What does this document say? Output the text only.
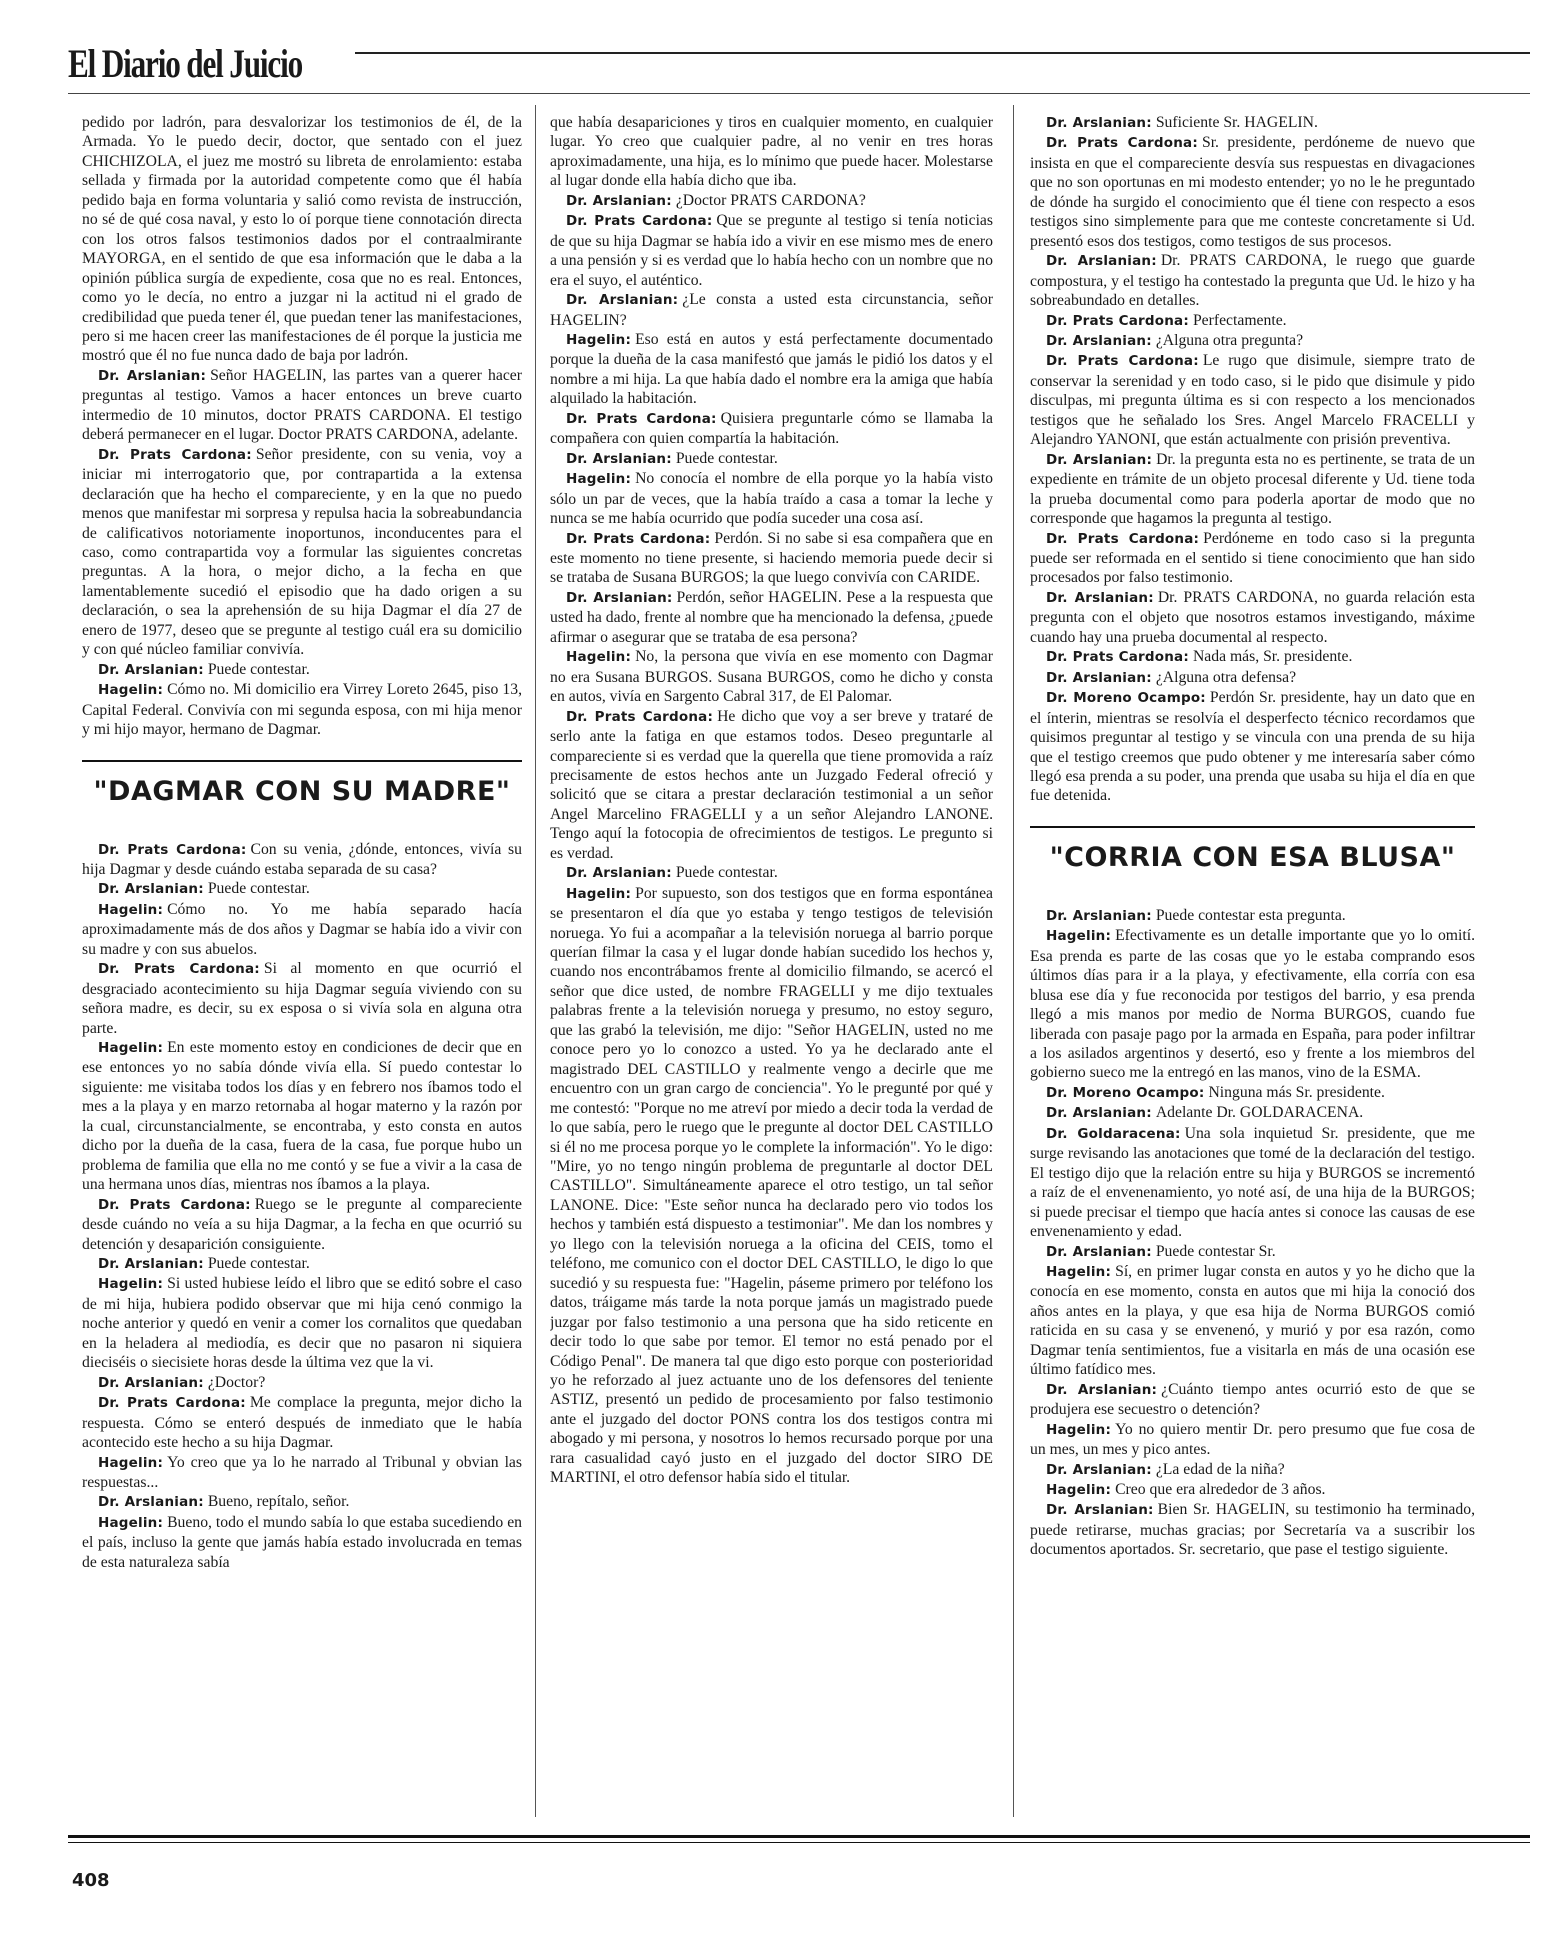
El Diario del Juicio

pedido por ladrón, para desvalorizar los testimonios de él, de la Armada. Yo le puedo decir, doctor, que sentado con el juez CHICHIZOLA, el juez me mostró su libreta de enrolamiento: estaba sellada y firmada por la autoridad competente como que él había pedido baja en forma voluntaria y salió como revista de instrucción, no sé de qué cosa naval, y esto lo oí porque tiene connotación directa con los otros falsos testimonios dados por el contraalmirante MAYORGA, en el sentido de que esa información que le daba a la opinión pública surgía de expediente, cosa que no es real. Entonces, como yo le decía, no entro a juzgar ni la actitud ni el grado de credibilidad que pueda tener él, que puedan tener las manifestaciones, pero si me hacen creer las manifestaciones de él porque la justicia me mostró que él no fue nunca dado de baja por ladrón.

Dr. Arslanian: Señor HAGELIN, las partes van a querer hacer preguntas al testigo. Vamos a hacer entonces un breve cuarto intermedio de 10 minutos, doctor PRATS CARDONA. El testigo deberá permanecer en el lugar. Doctor PRATS CARDONA, adelante.

Dr. Prats Cardona: Señor presidente, con su venia, voy a iniciar mi interrogatorio que, por contrapartida a la extensa declaración que ha hecho el compareciente, y en la que no puedo menos que manifestar mi sorpresa y repulsa hacia la sobreabundancia de calificativos notoriamente inoportunos, inconducentes para el caso, como contrapartida voy a formular las siguientes concretas preguntas. A la hora, o mejor dicho, a la fecha en que lamentablemente sucedió el episodio que ha dado origen a su declaración, o sea la aprehensión de su hija Dagmar el día 27 de enero de 1977, deseo que se pregunte al testigo cuál era su domicilio y con qué núcleo familiar convivía.

Dr. Arslanian: Puede contestar.

Hagelin: Cómo no. Mi domicilio era Virrey Loreto 2645, piso 13, Capital Federal. Convivía con mi segunda esposa, con mi hija menor y mi hijo mayor, hermano de Dagmar.

"DAGMAR CON SU MADRE"

Dr. Prats Cardona: Con su venia, ¿dónde, entonces, vivía su hija Dagmar y desde cuándo estaba separada de su casa?

Dr. Arslanian: Puede contestar.

Hagelin: Cómo no. Yo me había separado hacía aproximadamente más de dos años y Dagmar se había ido a vivir con su madre y con sus abuelos.

Dr. Prats Cardona: Si al momento en que ocurrió el desgraciado acontecimiento su hija Dagmar seguía viviendo con su señora madre, es decir, su ex esposa o si vivía sola en alguna otra parte.

Hagelin: En este momento estoy en condiciones de decir que en ese entonces yo no sabía dónde vivía ella. Sí puedo contestar lo siguiente: me visitaba todos los días y en febrero nos íbamos todo el mes a la playa y en marzo retornaba al hogar materno y la razón por la cual, circunstancialmente, se encontraba, y esto consta en autos dicho por la dueña de la casa, fuera de la casa, fue porque hubo un problema de familia que ella no me contó y se fue a vivir a la casa de una hermana unos días, mientras nos íbamos a la playa.

Dr. Prats Cardona: Ruego se le pregunte al compareciente desde cuándo no veía a su hija Dagmar, a la fecha en que ocurrió su detención y desaparición consiguiente.

Dr. Arslanian: Puede contestar.

Hagelin: Si usted hubiese leído el libro que se editó sobre el caso de mi hija, hubiera podido observar que mi hija cenó conmigo la noche anterior y quedó en venir a comer los cornalitos que quedaban en la heladera al mediodía, es decir que no pasaron ni siquiera dieciséis o siecisiete horas desde la última vez que la vi.

Dr. Arslanian: ¿Doctor?

Dr. Prats Cardona: Me complace la pregunta, mejor dicho la respuesta. Cómo se enteró después de inmediato que le había acontecido este hecho a su hija Dagmar.

Hagelin: Yo creo que ya lo he narrado al Tribunal y obvian las respuestas...

Dr. Arslanian: Bueno, repítalo, señor.

Hagelin: Bueno, todo el mundo sabía lo que estaba sucediendo en el país, incluso la gente que jamás había estado involucrada en temas de esta naturaleza sabía

que había desapariciones y tiros en cualquier momento, en cualquier lugar. Yo creo que cualquier padre, al no venir en tres horas aproximadamente, una hija, es lo mínimo que puede hacer. Molestarse al lugar donde ella había dicho que iba.

Dr. Arslanian: ¿Doctor PRATS CARDONA?

Dr. Prats Cardona: Que se pregunte al testigo si tenía noticias de que su hija Dagmar se había ido a vivir en ese mismo mes de enero a una pensión y si es verdad que lo había hecho con un nombre que no era el suyo, el auténtico.

Dr. Arslanian: ¿Le consta a usted esta circunstancia, señor HAGELIN?

Hagelin: Eso está en autos y está perfectamente documentado porque la dueña de la casa manifestó que jamás le pidió los datos y el nombre a mi hija. La que había dado el nombre era la amiga que había alquilado la habitación.

Dr. Prats Cardona: Quisiera preguntarle cómo se llamaba la compañera con quien compartía la habitación.

Dr. Arslanian: Puede contestar.

Hagelin: No conocía el nombre de ella porque yo la había visto sólo un par de veces, que la había traído a casa a tomar la leche y nunca se me había ocurrido que podía suceder una cosa así.

Dr. Prats Cardona: Perdón. Si no sabe si esa compañera que en este momento no tiene presente, si haciendo memoria puede decir si se trataba de Susana BURGOS; la que luego convivía con CARIDE.

Dr. Arslanian: Perdón, señor HAGELIN. Pese a la respuesta que usted ha dado, frente al nombre que ha mencionado la defensa, ¿puede afirmar o asegurar que se trataba de esa persona?

Hagelin: No, la persona que vivía en ese momento con Dagmar no era Susana BURGOS. Susana BURGOS, como he dicho y consta en autos, vivía en Sargento Cabral 317, de El Palomar.

Dr. Prats Cardona: He dicho que voy a ser breve y trataré de serlo ante la fatiga en que estamos todos. Deseo preguntarle al compareciente si es verdad que la querella que tiene promovida a raíz precisamente de estos hechos ante un Juzgado Federal ofreció y solicitó que se citara a prestar declaración testimonial a un señor Angel Marcelino FRAGELLI y a un señor Alejandro LANONE. Tengo aquí la fotocopia de ofrecimientos de testigos. Le pregunto si es verdad.

Dr. Arslanian: Puede contestar.

Hagelin: Por supuesto, son dos testigos que en forma espontánea se presentaron el día que yo estaba y tengo testigos de televisión noruega. Yo fui a acompañar a la televisión noruega al barrio porque querían filmar la casa y el lugar donde habían sucedido los hechos y, cuando nos encontrábamos frente al domicilio filmando, se acercó el señor que dice usted, de nombre FRAGELLI y me dijo textuales palabras frente a la televisión noruega y presumo, no estoy seguro, que las grabó la televisión, me dijo: "Señor HAGELIN, usted no me conoce pero yo lo conozco a usted. Yo ya he declarado ante el magistrado DEL CASTILLO y realmente vengo a decirle que me encuentro con un gran cargo de conciencia". Yo le pregunté por qué y me contestó: "Porque no me atreví por miedo a decir toda la verdad de lo que sabía, pero le ruego que le pregunte al doctor DEL CASTILLO si él no me procesa porque yo le complete la información". Yo le digo: "Mire, yo no tengo ningún problema de preguntarle al doctor DEL CASTILLO". Simultáneamente aparece el otro testigo, un tal señor LANONE. Dice: "Este señor nunca ha declarado pero vio todos los hechos y también está dispuesto a testimoniar". Me dan los nombres y yo llego con la televisión noruega a la oficina del CEIS, tomo el teléfono, me comunico con el doctor DEL CASTILLO, le digo lo que sucedió y su respuesta fue: "Hagelin, páseme primero por teléfono los datos, tráigame más tarde la nota porque jamás un magistrado puede juzgar por falso testimonio a una persona que ha sido reticente en decir todo lo que sabe por temor. El temor no está penado por el Código Penal". De manera tal que digo esto porque con posterioridad yo he reforzado al juez actuante uno de los defensores del teniente ASTIZ, presentó un pedido de procesamiento por falso testimonio ante el juzgado del doctor PONS contra los dos testigos contra mi abogado y mi persona, y nosotros lo hemos recursado porque por una rara casualidad cayó justo en el juzgado del doctor SIRO DE MARTINI, el otro defensor había sido el titular.

Dr. Arslanian: Suficiente Sr. HAGELIN.

Dr. Prats Cardona: Sr. presidente, perdóneme de nuevo que insista en que el compareciente desvía sus respuestas en divagaciones que no son oportunas en mi modesto entender; yo no le he preguntado de dónde ha surgido el conocimiento que él tiene con respecto a esos testigos sino simplemente para que me conteste concretamente si Ud. presentó esos dos testigos, como testigos de sus procesos.

Dr. Arslanian: Dr. PRATS CARDONA, le ruego que guarde compostura, y el testigo ha contestado la pregunta que Ud. le hizo y ha sobreabundado en detalles.

Dr. Prats Cardona: Perfectamente.

Dr. Arslanian: ¿Alguna otra pregunta?

Dr. Prats Cardona: Le rugo que disimule, siempre trato de conservar la serenidad y en todo caso, si le pido que disimule y pido disculpas, mi pregunta última es si con respecto a los mencionados testigos que he señalado los Sres. Angel Marcelo FRACELLI y Alejandro YANONI, que están actualmente con prisión preventiva.

Dr. Arslanian: Dr. la pregunta esta no es pertinente, se trata de un expediente en trámite de un objeto procesal diferente y Ud. tiene toda la prueba documental como para poderla aportar de modo que no corresponde que hagamos la pregunta al testigo.

Dr. Prats Cardona: Perdóneme en todo caso si la pregunta puede ser reformada en el sentido si tiene conocimiento que han sido procesados por falso testimonio.

Dr. Arslanian: Dr. PRATS CARDONA, no guarda relación esta pregunta con el objeto que nosotros estamos investigando, máxime cuando hay una prueba documental al respecto.

Dr. Prats Cardona: Nada más, Sr. presidente.

Dr. Arslanian: ¿Alguna otra defensa?

Dr. Moreno Ocampo: Perdón Sr. presidente, hay un dato que en el ínterin, mientras se resolvía el desperfecto técnico recordamos que quisimos preguntar al testigo y se vincula con una prenda de su hija que el testigo creemos que pudo obtener y me interesaría saber cómo llegó esa prenda a su poder, una prenda que usaba su hija el día en que fue detenida.

"CORRIA CON ESA BLUSA"

Dr. Arslanian: Puede contestar esta pregunta.

Hagelin: Efectivamente es un detalle importante que yo lo omití. Esa prenda es parte de las cosas que yo le estaba comprando esos últimos días para ir a la playa, y efectivamente, ella corría con esa blusa ese día y fue reconocida por testigos del barrio, y esa prenda llegó a mis manos por medio de Norma BURGOS, cuando fue liberada con pasaje pago por la armada en España, para poder infiltrar a los asilados argentinos y desertó, eso y frente a los miembros del gobierno sueco me la entregó en las manos, vino de la ESMA.

Dr. Moreno Ocampo: Ninguna más Sr. presidente.

Dr. Arslanian: Adelante Dr. GOLDARACENA.

Dr. Goldaracena: Una sola inquietud Sr. presidente, que me surge revisando las anotaciones que tomé de la declaración del testigo. El testigo dijo que la relación entre su hija y BURGOS se incrementó a raíz de el envenenamiento, yo noté así, de una hija de la BURGOS; si puede precisar el tiempo que hacía antes si conoce las causas de ese envenenamiento y edad.

Dr. Arslanian: Puede contestar Sr.

Hagelin: Sí, en primer lugar consta en autos y yo he dicho que la conocía en ese momento, consta en autos que mi hija la conoció dos años antes en la playa, y que esa hija de Norma BURGOS comió raticida en su casa y se envenenó, y murió y por esa razón, como Dagmar tenía sentimientos, fue a visitarla en más de una ocasión ese último fatídico mes.

Dr. Arslanian: ¿Cuánto tiempo antes ocurrió esto de que se produjera ese secuestro o detención?

Hagelin: Yo no quiero mentir Dr. pero presumo que fue cosa de un mes, un mes y pico antes.

Dr. Arslanian: ¿La edad de la niña?

Hagelin: Creo que era alrededor de 3 años.

Dr. Arslanian: Bien Sr. HAGELIN, su testimonio ha terminado, puede retirarse, muchas gracias; por Secretaría va a suscribir los documentos aportados. Sr. secretario, que pase el testigo siguiente.

408
